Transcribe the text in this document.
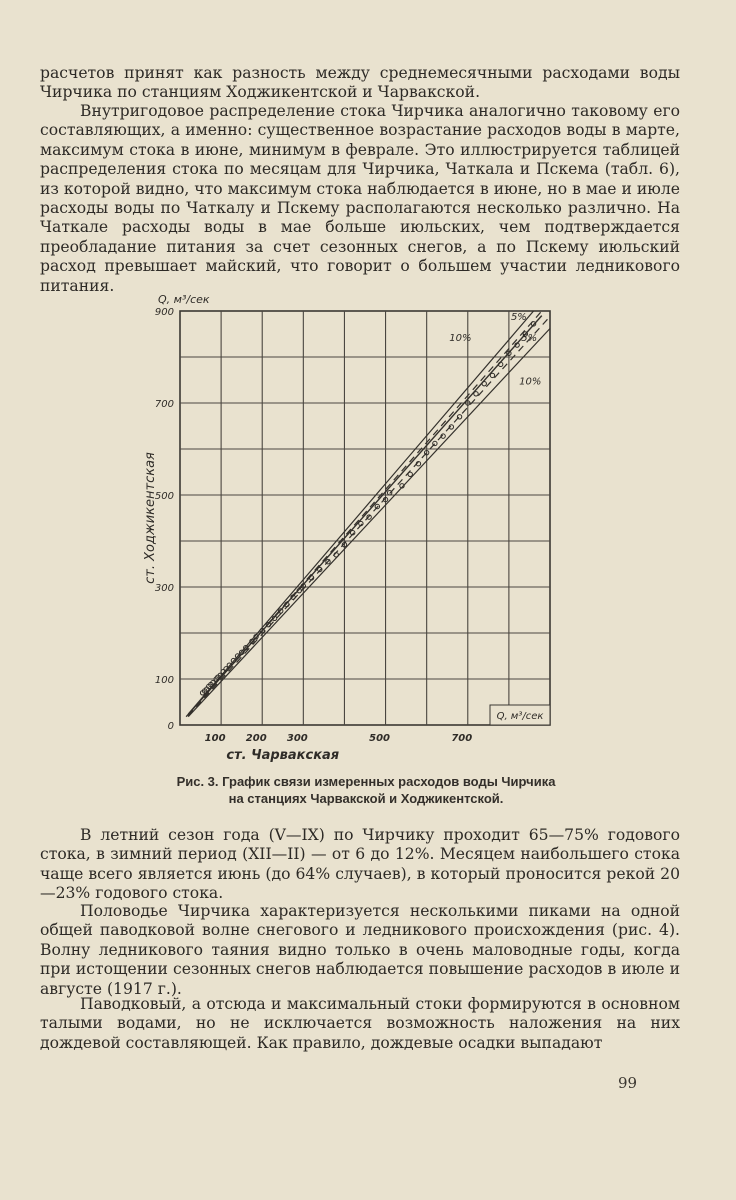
расчетов принят как разность между среднемесячными расходами воды Чирчика по станциям Ходжикентской и Чарвакской.

Внутригодовое распределение стока Чирчика аналогично таковому его составляющих, а именно: существенное возрастание расходов воды в марте, максимум стока в июне, минимум в феврале. Это иллюстрируется таблицей распределения стока по месяцам для Чирчика, Чаткала и Пскема (табл. 6), из которой видно, что максимум стока наблюдается в июне, но в мае и июле расходы воды по Чаткалу и Пскему располагаются несколько различно. На Чаткале расходы воды в мае больше июльских, чем подтверждается преобладание питания за счет сезонных снегов, а по Пскему июльский расход превышает майский, что говорит о большем участии ледникового питания.

10%
5%
5%
10%
0
100
300
500
700
900
100 200 300	500	700
ст. Чарвакская
ст. Ходжикентская
Q, м³/сек
Q, м³/сек
Рис. 3. График связи измеренных расходов воды Чирчика
на станциях Чарвакской и Ходжикентской.

В летний сезон года (V—IX) по Чирчику проходит 65—75% годового стока, в зимний период (XII—II) — от 6 до 12%. Месяцем наибольшего стока чаще всего является июнь (до 64% случаев), в который проносится рекой 20—23% годового стока.

Половодье Чирчика характеризуется несколькими пиками на одной общей паводковой волне снегового и ледникового происхождения (рис. 4). Волну ледникового таяния видно только в очень маловодные годы, когда при истощении сезонных снегов наблюдается повышение расходов в июле и августе (1917 г.).

Паводковый, а отсюда и максимальный стоки формируются в основном талыми водами, но не исключается возможность наложения на них дождевой составляющей. Как правило, дождевые осадки выпадают

99
